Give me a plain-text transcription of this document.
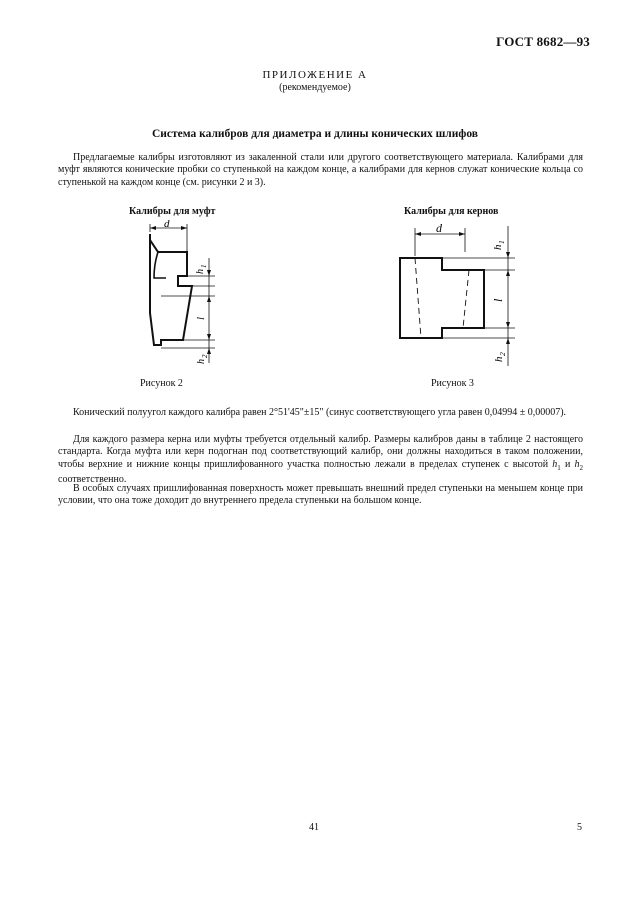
ГОСТ 8682—93
ПРИЛОЖЕНИЕ А
(рекомендуемое)
Система калибров для диаметра и длины конических шлифов

Предлагаемые калибры изготовляют из закаленной стали или другого соответствующего материала. Калибрами для муфт являются конические пробки со ступенькой на каждом конце, а калибрами для кернов служат конические кольца со ступенькой на каждом конце (см. рисунки 2 и 3).

Калибры для муфт	Калибры для кернов
d
h
1
l
h
2
d
h
1
l
h
2
Рисунок 2	Рисунок 3

Конический полуугол каждого калибра равен 2°51'45"±15" (синус соответствующего угла равен 0,04994 ± 0,00007).

Для каждого размера керна или муфты требуется отдельный калибр. Размеры калибров даны в таблице 2 настоящего стандарта. Когда муфта или керн подогнан под соответствующий калибр, они должны находиться в таком положении, чтобы верхние и нижние концы пришлифованного участка полностью лежали в пределах ступенек с высотой $h_1$ и $h_2$ соответственно.

В особых случаях пришлифованная поверхность может превышать внешний предел ступеньки на меньшем конце при условии, что она тоже доходит до внутреннего предела ступеньки на большом конце.

41	5
